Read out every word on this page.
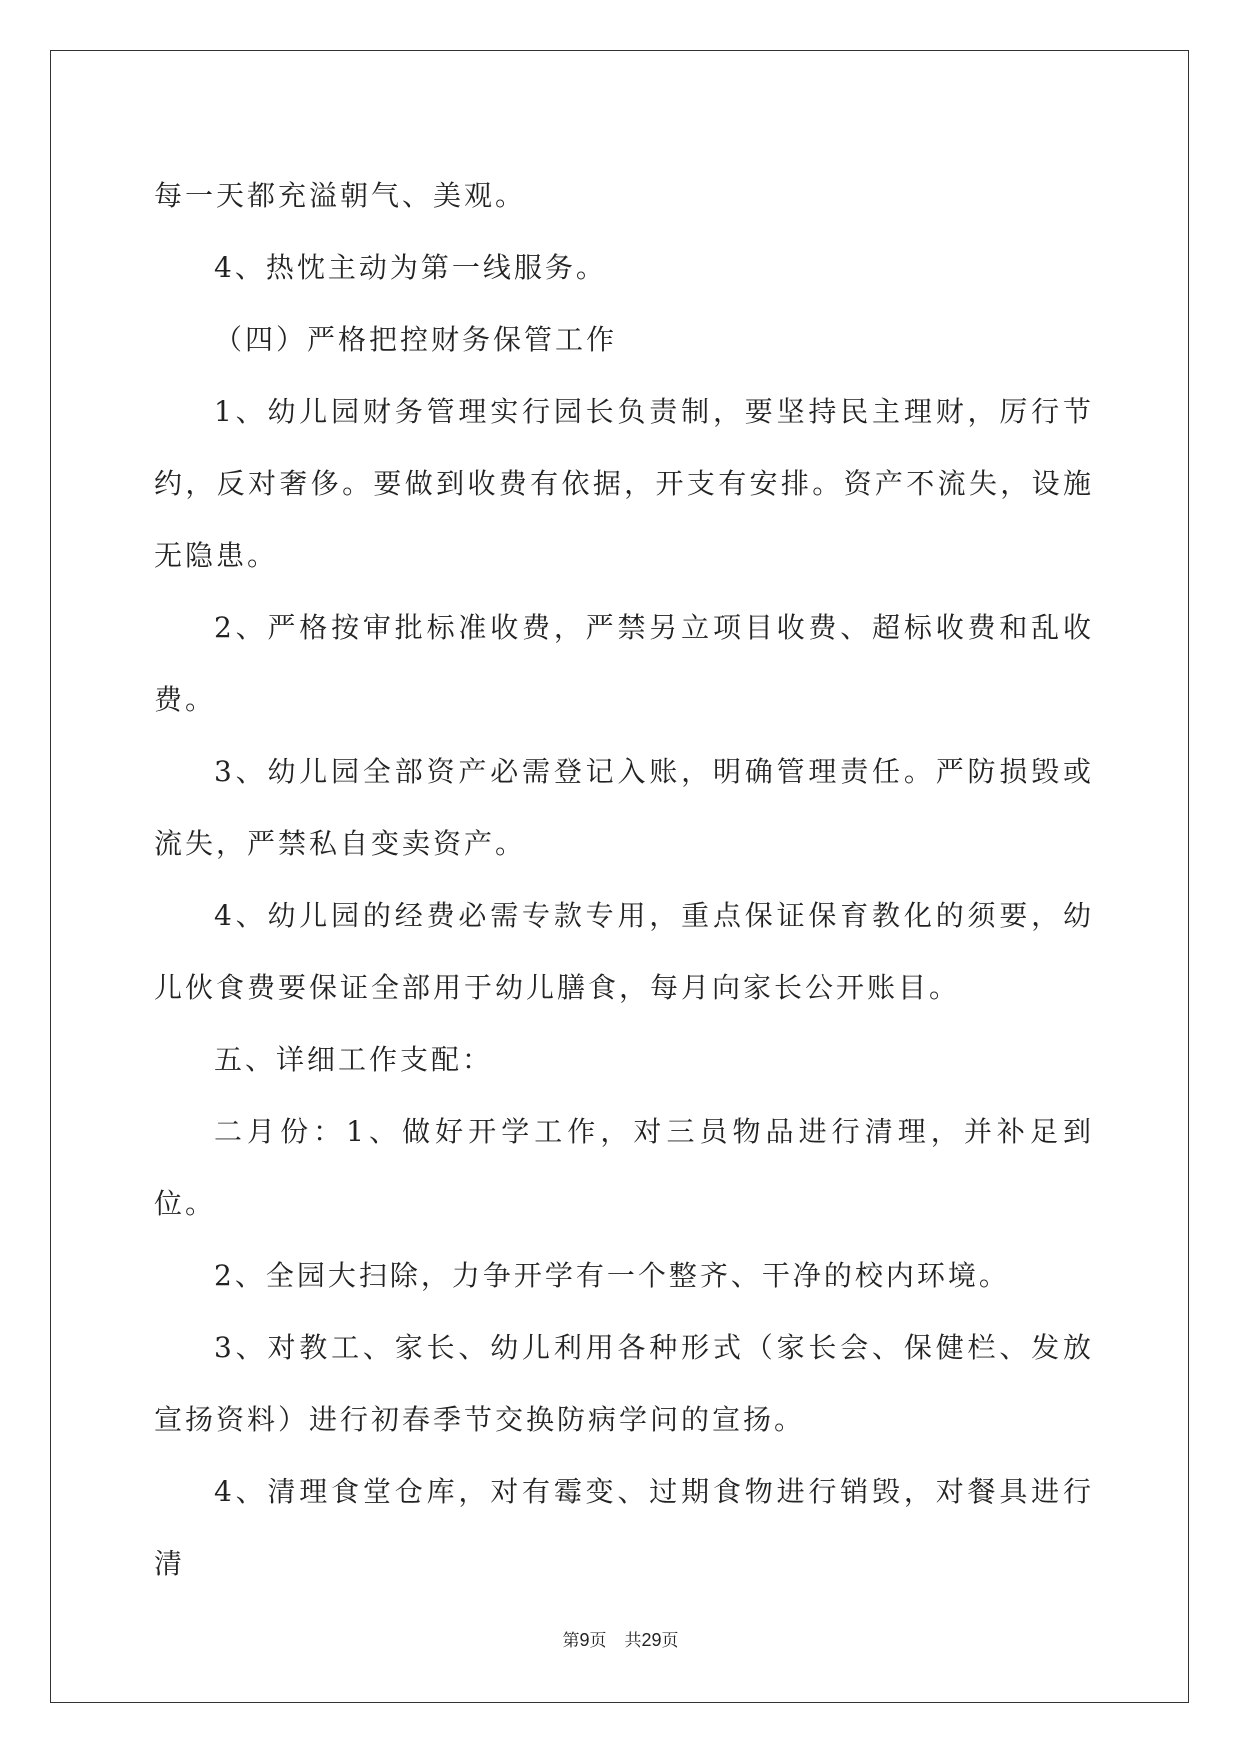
每一天都充溢朝气、美观。

4、热忱主动为第一线服务。

（四）严格把控财务保管工作

1、幼儿园财务管理实行园长负责制，要坚持民主理财，厉行节约，反对奢侈。要做到收费有依据，开支有安排。资产不流失，设施无隐患。

2、严格按审批标准收费，严禁另立项目收费、超标收费和乱收费。

3、幼儿园全部资产必需登记入账，明确管理责任。严防损毁或流失，严禁私自变卖资产。

4、幼儿园的经费必需专款专用，重点保证保育教化的须要，幼儿伙食费要保证全部用于幼儿膳食，每月向家长公开账目。

五、详细工作支配：

二月份：1、做好开学工作，对三员物品进行清理，并补足到位。

2、全园大扫除，力争开学有一个整齐、干净的校内环境。

3、对教工、家长、幼儿利用各种形式（家长会、保健栏、发放宣扬资料）进行初春季节交换防病学问的宣扬。

4、清理食堂仓库，对有霉变、过期食物进行销毁，对餐具进行清

第9页 共29页
